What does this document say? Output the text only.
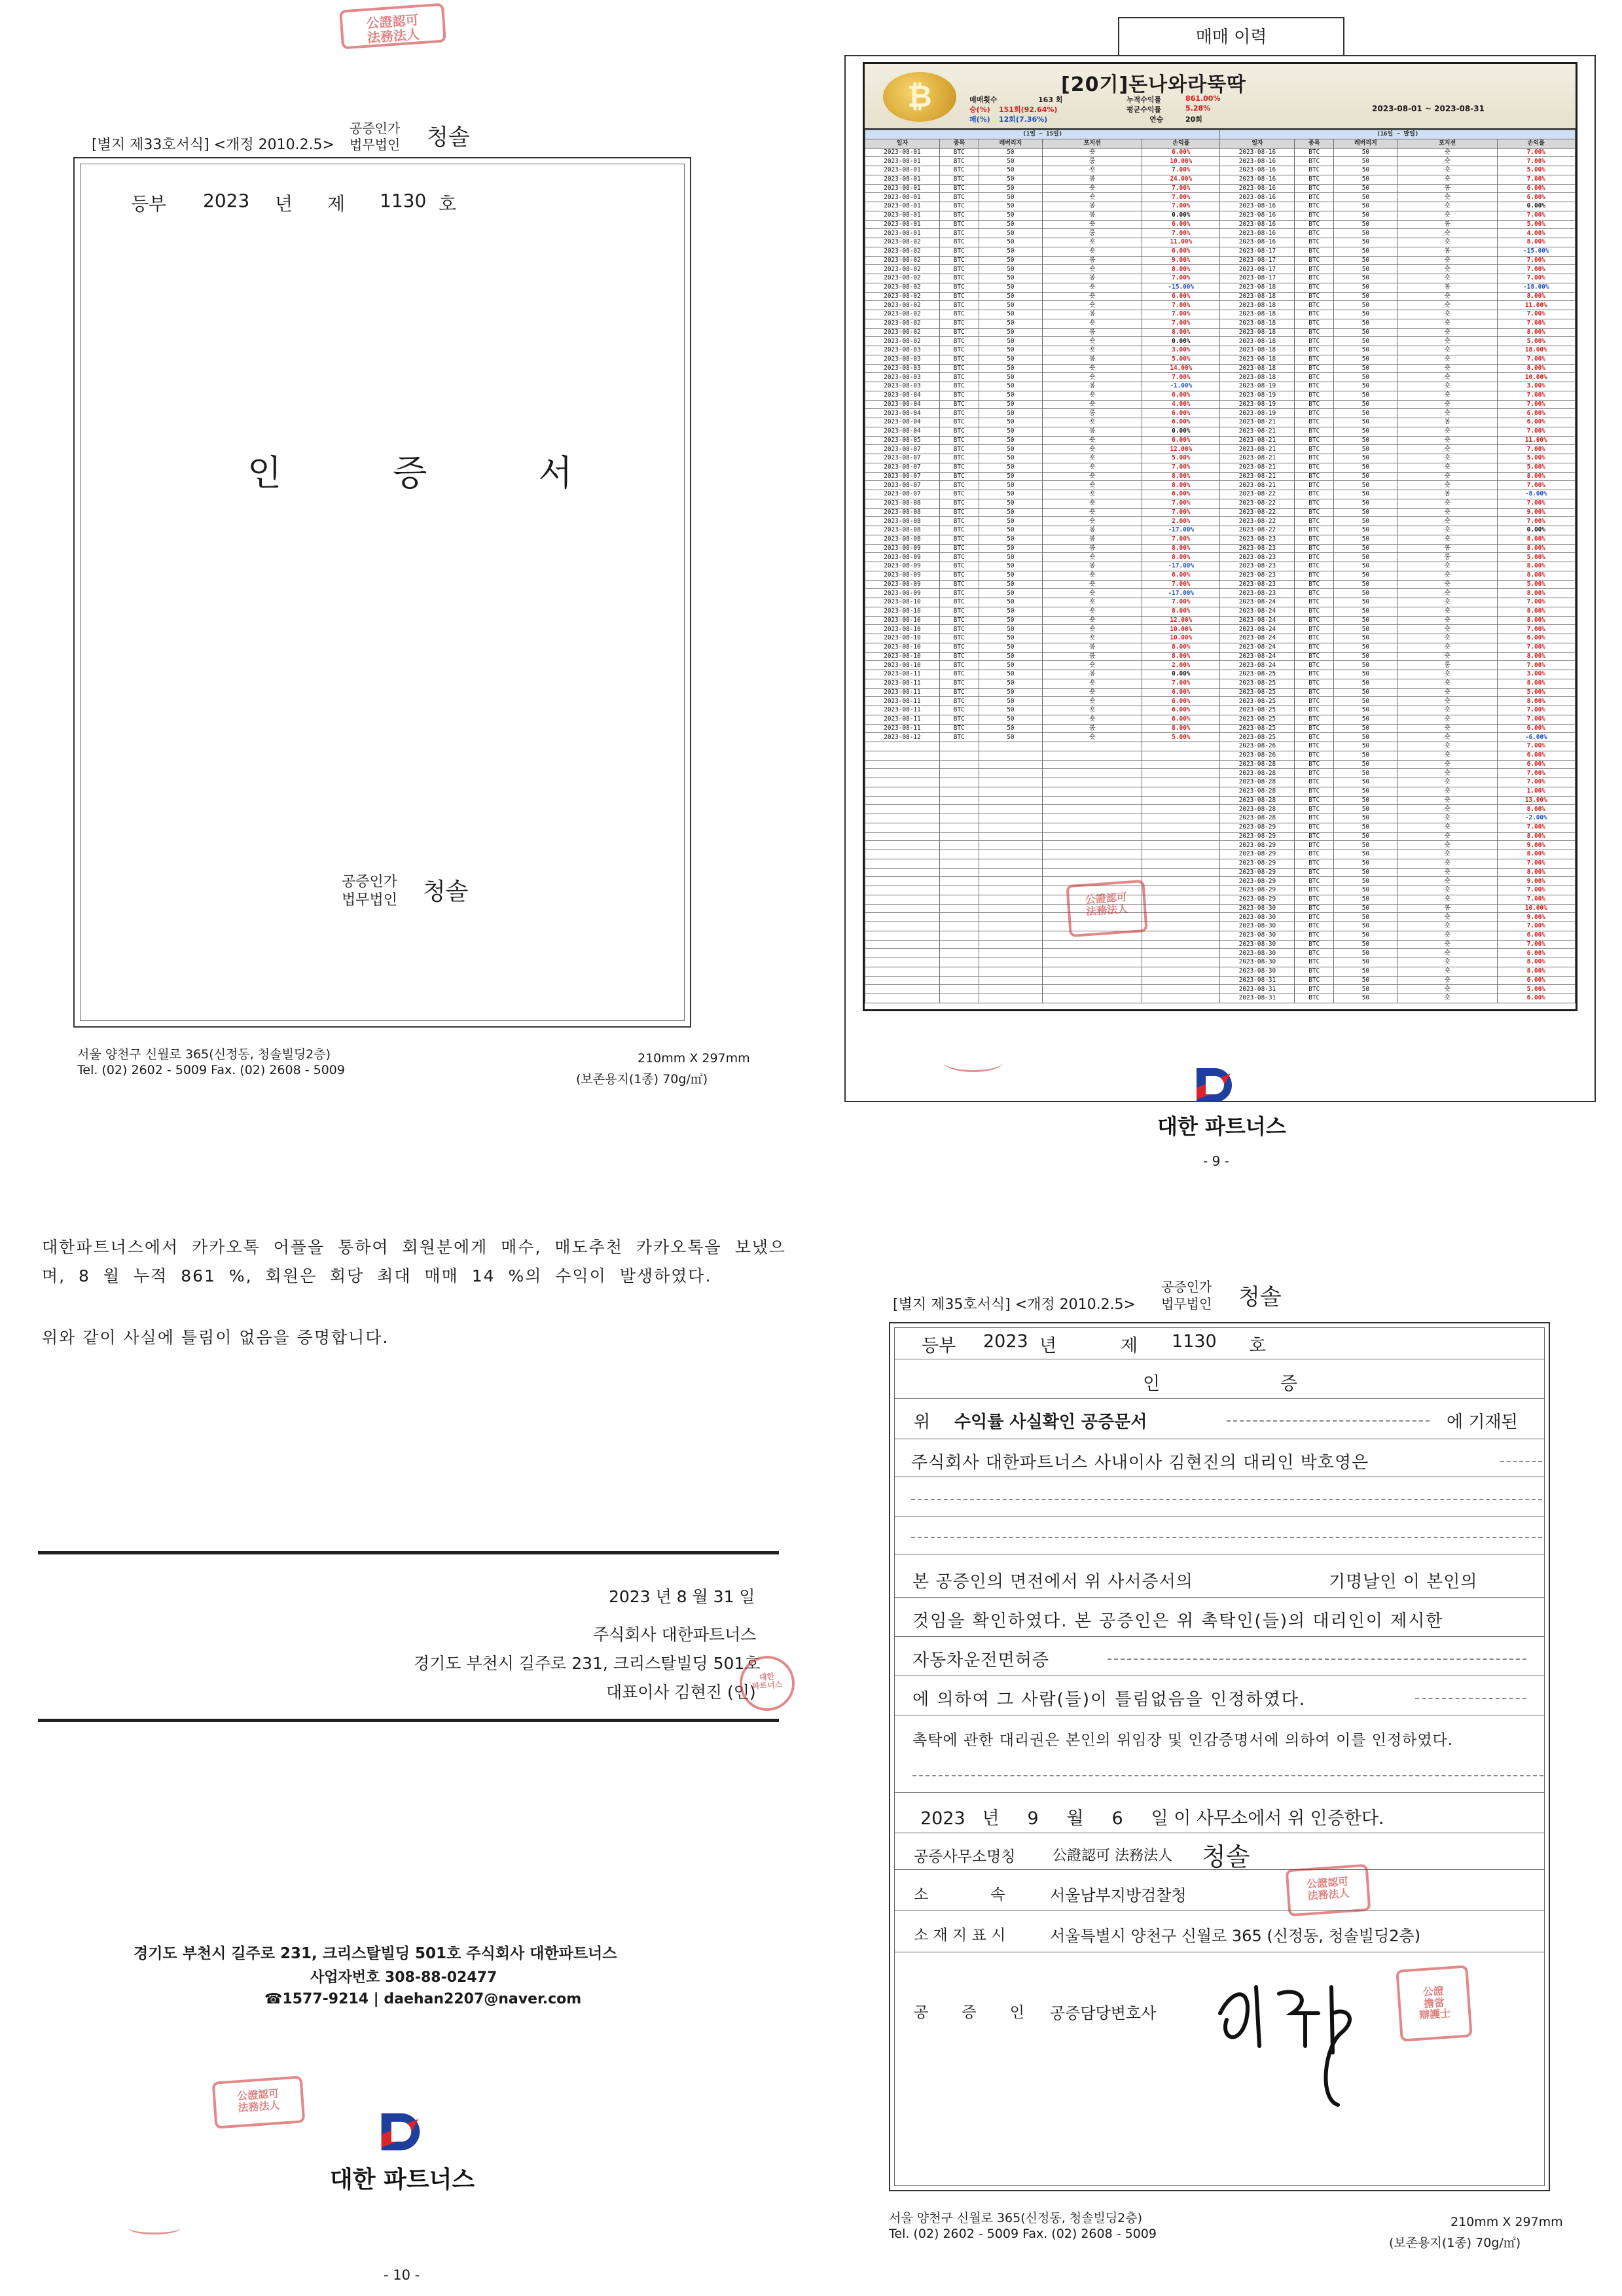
[별지 제33호서식] <개정 2010.2.5>
공증인가
법무법인 청솔
公證認可
法務法人
등부	2023	년	제	1130 호
인	증	서
공증인가
법무법인 청솔
서울 양천구 신월로 365(신정동, 청솔빌딩2층)
Tel. (02) 2602 - 5009 Fax. (02) 2608 - 5009
210mm X 297mm
(보존용지(1종) 70g/㎡)
매매 이력
₿
[20기]돈나와라뚝딱
매매횟수	163 회	누적수익률	861.00%
승(%) 151회(92.64%)	평균수익률	5.28%
패(%) 12회(7.36%)	연승	20회
2023-08-01 ~ 2023-08-31
(1일 ~ 15일)					(16일 ~ 말일)				
일자	종목	레버리지	포지션	손익률	일자	종목	레버리지	포지션	손익률
2023-08-01	BTC	50	숏	6.00%	2023-08-16	BTC	50	숏	7.00%
2023-08-01	BTC	50	롱	10.00%	2023-08-16	BTC	50	숏	7.00%
2023-08-01	BTC	50	숏	7.00%	2023-08-16	BTC	50	숏	5.00%
2023-08-01	BTC	50	롱	24.00%	2023-08-16	BTC	50	숏	7.00%
2023-08-01	BTC	50	숏	7.00%	2023-08-16	BTC	50	롱	6.00%
2023-08-01	BTC	50	숏	7.00%	2023-08-16	BTC	50	숏	6.00%
2023-08-01	BTC	50	롱	7.00%	2023-08-16	BTC	50	숏	0.00%
2023-08-01	BTC	50	롱	0.00%	2023-08-16	BTC	50	숏	7.00%
2023-08-01	BTC	50	숏	6.00%	2023-08-16	BTC	50	롱	5.00%
2023-08-01	BTC	50	롱	7.00%	2023-08-16	BTC	50	숏	4.00%
2023-08-02	BTC	50	숏	11.00%	2023-08-16	BTC	50	숏	8.00%
2023-08-02	BTC	50	숏	6.00%	2023-08-17	BTC	50	롱	-15.00%
2023-08-02	BTC	50	롱	9.00%	2023-08-17	BTC	50	숏	7.00%
2023-08-02	BTC	50	숏	8.00%	2023-08-17	BTC	50	숏	7.00%
2023-08-02	BTC	50	롱	7.00%	2023-08-17	BTC	50	숏	7.00%
2023-08-02	BTC	50	숏	-15.00%	2023-08-18	BTC	50	롱	-18.00%
2023-08-02	BTC	50	숏	6.00%	2023-08-18	BTC	50	숏	8.00%
2023-08-02	BTC	50	숏	7.00%	2023-08-18	BTC	50	숏	11.00%
2023-08-02	BTC	50	롱	7.00%	2023-08-18	BTC	50	숏	7.00%
2023-08-02	BTC	50	숏	7.00%	2023-08-18	BTC	50	숏	7.00%
2023-08-02	BTC	50	롱	8.00%	2023-08-18	BTC	50	숏	8.00%
2023-08-02	BTC	50	숏	0.00%	2023-08-18	BTC	50	숏	5.00%
2023-08-03	BTC	50	숏	3.00%	2023-08-18	BTC	50	숏	18.00%
2023-08-03	BTC	50	롱	5.00%	2023-08-18	BTC	50	숏	7.00%
2023-08-03	BTC	50	숏	14.00%	2023-08-18	BTC	50	숏	8.00%
2023-08-03	BTC	50	숏	7.00%	2023-08-18	BTC	50	숏	10.00%
2023-08-03	BTC	50	롱	-1.00%	2023-08-19	BTC	50	숏	3.00%
2023-08-04	BTC	50	숏	6.00%	2023-08-19	BTC	50	숏	7.00%
2023-08-04	BTC	50	숏	4.00%	2023-08-19	BTC	50	숏	7.00%
2023-08-04	BTC	50	롱	6.00%	2023-08-19	BTC	50	숏	6.00%
2023-08-04	BTC	50	숏	6.00%	2023-08-21	BTC	50	롱	6.00%
2023-08-04	BTC	50	롱	0.00%	2023-08-21	BTC	50	숏	7.00%
2023-08-05	BTC	50	숏	6.00%	2023-08-21	BTC	50	숏	11.00%
2023-08-07	BTC	50	숏	12.00%	2023-08-21	BTC	50	숏	7.00%
2023-08-07	BTC	50	숏	5.00%	2023-08-21	BTC	50	숏	5.00%
2023-08-07	BTC	50	숏	7.00%	2023-08-21	BTC	50	숏	5.00%
2023-08-07	BTC	50	숏	8.00%	2023-08-21	BTC	50	숏	8.00%
2023-08-07	BTC	50	숏	8.00%	2023-08-21	BTC	50	숏	7.00%
2023-08-07	BTC	50	숏	6.00%	2023-08-22	BTC	50	롱	-8.00%
2023-08-08	BTC	50	숏	7.00%	2023-08-22	BTC	50	숏	7.00%
2023-08-08	BTC	50	숏	7.00%	2023-08-22	BTC	50	숏	9.00%
2023-08-08	BTC	50	숏	2.00%	2023-08-22	BTC	50	숏	7.00%
2023-08-08	BTC	50	롱	-17.00%	2023-08-22	BTC	50	숏	0.00%
2023-08-08	BTC	50	롱	7.00%	2023-08-23	BTC	50	숏	8.00%
2023-08-09	BTC	50	롱	8.00%	2023-08-23	BTC	50	롱	8.00%
2023-08-09	BTC	50	숏	8.00%	2023-08-23	BTC	50	롱	5.00%
2023-08-09	BTC	50	롱	-17.00%	2023-08-23	BTC	50	숏	8.00%
2023-08-09	BTC	50	숏	6.00%	2023-08-23	BTC	50	숏	8.00%
2023-08-09	BTC	50	숏	7.00%	2023-08-23	BTC	50	숏	5.00%
2023-08-09	BTC	50	숏	-17.00%	2023-08-23	BTC	50	숏	8.00%
2023-08-10	BTC	50	숏	7.00%	2023-08-24	BTC	50	숏	7.00%
2023-08-10	BTC	50	숏	8.00%	2023-08-24	BTC	50	숏	8.00%
2023-08-10	BTC	50	숏	12.00%	2023-08-24	BTC	50	숏	8.00%
2023-08-10	BTC	50	숏	10.00%	2023-08-24	BTC	50	숏	7.00%
2023-08-10	BTC	50	숏	10.00%	2023-08-24	BTC	50	숏	6.00%
2023-08-10	BTC	50	롱	8.00%	2023-08-24	BTC	50	숏	7.00%
2023-08-10	BTC	50	롱	8.00%	2023-08-24	BTC	50	숏	8.00%
2023-08-10	BTC	50	숏	2.00%	2023-08-24	BTC	50	롱	7.00%
2023-08-11	BTC	50	롱	0.00%	2023-08-25	BTC	50	숏	3.00%
2023-08-11	BTC	50	숏	7.00%	2023-08-25	BTC	50	숏	8.00%
2023-08-11	BTC	50	숏	6.00%	2023-08-25	BTC	50	숏	5.00%
2023-08-11	BTC	50	숏	6.00%	2023-08-25	BTC	50	숏	8.00%
2023-08-11	BTC	50	숏	6.00%	2023-08-25	BTC	50	숏	7.00%
2023-08-11	BTC	50	숏	6.00%	2023-08-25	BTC	50	숏	7.00%
2023-08-11	BTC	50	롱	8.00%	2023-08-25	BTC	50	숏	6.00%
2023-08-12	BTC	50	숏	5.00%	2023-08-25	BTC	50	숏	-6.00%
					2023-08-26	BTC	50	숏	7.00%
					2023-08-26	BTC	50	숏	6.00%
					2023-08-28	BTC	50	숏	6.00%
					2023-08-28	BTC	50	숏	7.00%
					2023-08-28	BTC	50	숏	7.00%
					2023-08-28	BTC	50	숏	1.00%
					2023-08-28	BTC	50	숏	13.00%
					2023-08-28	BTC	50	숏	8.00%
					2023-08-28	BTC	50	숏	-2.00%
					2023-08-29	BTC	50	숏	7.00%
					2023-08-29	BTC	50	숏	8.00%
					2023-08-29	BTC	50	숏	9.00%
					2023-08-29	BTC	50	숏	8.00%
					2023-08-29	BTC	50	숏	7.00%
					2023-08-29	BTC	50	숏	8.00%
					2023-08-29	BTC	50	숏	9.00%
					2023-08-29	BTC	50	숏	7.00%
					2023-08-29	BTC	50	숏	7.00%
					2023-08-30	BTC	50	롱	10.00%
					2023-08-30	BTC	50	숏	9.00%
					2023-08-30	BTC	50	숏	7.00%
					2023-08-30	BTC	50	숏	6.00%
					2023-08-30	BTC	50	숏	7.00%
					2023-08-30	BTC	50	숏	6.00%
					2023-08-30	BTC	50	숏	8.00%
					2023-08-30	BTC	50	숏	8.00%
					2023-08-31	BTC	50	숏	6.00%
					2023-08-31	BTC	50	숏	5.00%
					2023-08-31	BTC	50	숏	6.00%
公證認可
法務法人
대한 파트너스
- 9 -
대한파트너스에서 카카오톡 어플을 통하여 회원분에게 매수, 매도추천 카카오톡을 보냈으며, 8 월 누적 861 %, 회원은 회당 최대 매매 14 %의 수익이 발생하였다.
위와 같이 사실에 틀림이 없음을 증명합니다.
2023 년 8 월 31 일
주식회사 대한파트너스
경기도 부천시 길주로 231, 크리스탈빌딩 501호
대표이사 김현진 (인)
대한
파트너스
경기도 부천시 길주로 231, 크리스탈빌딩 501호 주식회사 대한파트너스
사업자번호 308-88-02477
☎1577-9214 | daehan2207@naver.com
公證認可
法務法人
대한 파트너스
- 10 -
[별지 제35호서식] <개정 2010.2.5>
공증인가
법무법인 청솔
등부	2023 년	제	1130	호
인	증
위 수익률 사실확인 공증문서	에 기재된
주식회사 대한파트너스 사내이사 김현진의 대리인 박호영은
본 공증인의 면전에서 위 사서증서의	기명날인 이 본인의
것임을 확인하였다. 본 공증인은 위 촉탁인(들)의 대리인이 제시한
자동차운전면허증
에 의하여 그 사람(들)이 틀림없음을 인정하였다.
촉탁에 관한 대리권은 본인의 위임장 및 인감증명서에 의하여 이를 인정하였다.
2023   년     9     월     6     일 이 사무소에서 위 인증한다.
공증사무소명칭	公證認可 法務法人 청솔
소             속	서울남부지방검찰청
公證認可
法務法人
소 재 지 표 시	서울특별시 양천구 신월로 365 (신정동, 청솔빌딩2층)
공       증       인 공증담당변호사
公證
擔當
辯護士
서울 양천구 신월로 365(신정동, 청솔빌딩2층)
Tel. (02) 2602 - 5009 Fax. (02) 2608 - 5009
210mm X 297mm
(보존용지(1종) 70g/㎡)
